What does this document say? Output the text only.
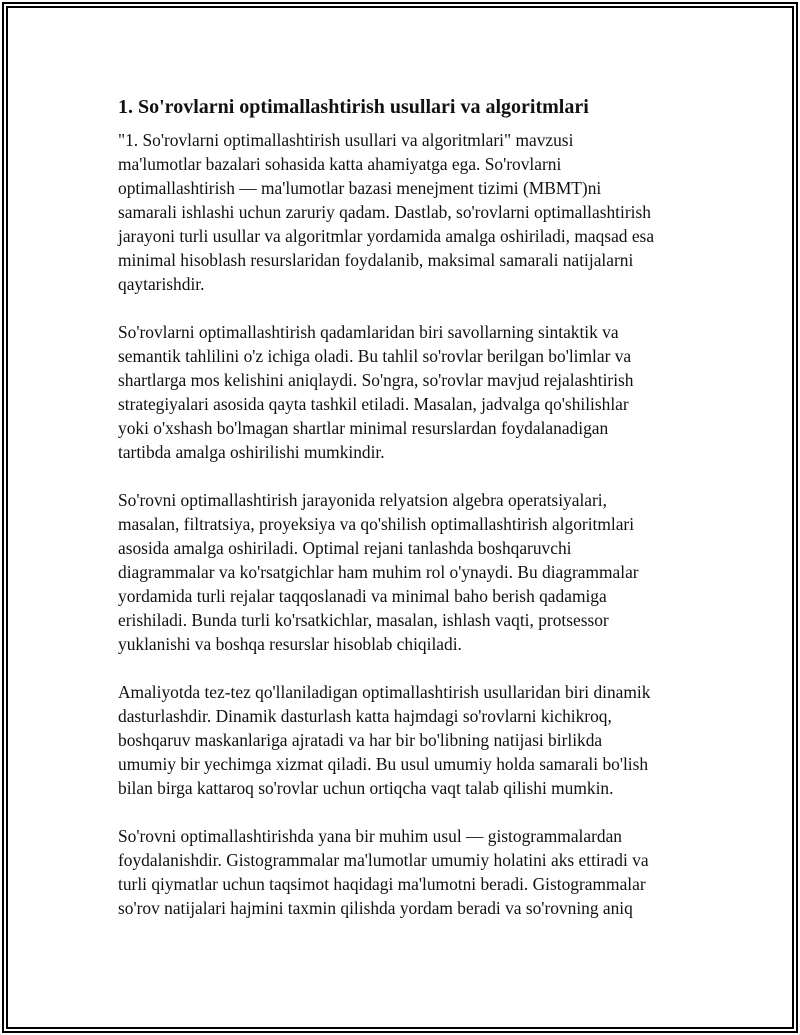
1. So'rovlarni optimallashtirish usullari va algoritmlari
"1. So'rovlarni optimallashtirish usullari va algoritmlari" mavzusi
ma'lumotlar bazalari sohasida katta ahamiyatga ega. So'rovlarni
optimallashtirish — ma'lumotlar bazasi menejment tizimi (MBMT)ni
samarali ishlashi uchun zaruriy qadam. Dastlab, so'rovlarni optimallashtirish
jarayoni turli usullar va algoritmlar yordamida amalga oshiriladi, maqsad esa
minimal hisoblash resurslaridan foydalanib, maksimal samarali natijalarni
qaytarishdir.
So'rovlarni optimallashtirish qadamlaridan biri savollarning sintaktik va
semantik tahlilini o'z ichiga oladi. Bu tahlil so'rovlar berilgan bo'limlar va
shartlarga mos kelishini aniqlaydi. So'ngra, so'rovlar mavjud rejalashtirish
strategiyalari asosida qayta tashkil etiladi. Masalan, jadvalga qo'shilishlar
yoki o'xshash bo'lmagan shartlar minimal resurslardan foydalanadigan
tartibda amalga oshirilishi mumkindir.
So'rovni optimallashtirish jarayonida relyatsion algebra operatsiyalari,
masalan, filtratsiya, proyeksiya va qo'shilish optimallashtirish algoritmlari
asosida amalga oshiriladi. Optimal rejani tanlashda boshqaruvchi
diagrammalar va ko'rsatgichlar ham muhim rol o'ynaydi. Bu diagrammalar
yordamida turli rejalar taqqoslanadi va minimal baho berish qadamiga
erishiladi. Bunda turli ko'rsatkichlar, masalan, ishlash vaqti, protsessor
yuklanishi va boshqa resurslar hisoblab chiqiladi.
Amaliyotda tez-tez qo'llaniladigan optimallashtirish usullaridan biri dinamik
dasturlashdir. Dinamik dasturlash katta hajmdagi so'rovlarni kichikroq,
boshqaruv maskanlariga ajratadi va har bir bo'libning natijasi birlikda
umumiy bir yechimga xizmat qiladi. Bu usul umumiy holda samarali bo'lish
bilan birga kattaroq so'rovlar uchun ortiqcha vaqt talab qilishi mumkin.
So'rovni optimallashtirishda yana bir muhim usul — gistogrammalardan
foydalanishdir. Gistogrammalar ma'lumotlar umumiy holatini aks ettiradi va
turli qiymatlar uchun taqsimot haqidagi ma'lumotni beradi. Gistogrammalar
so'rov natijalari hajmini taxmin qilishda yordam beradi va so'rovning aniq
